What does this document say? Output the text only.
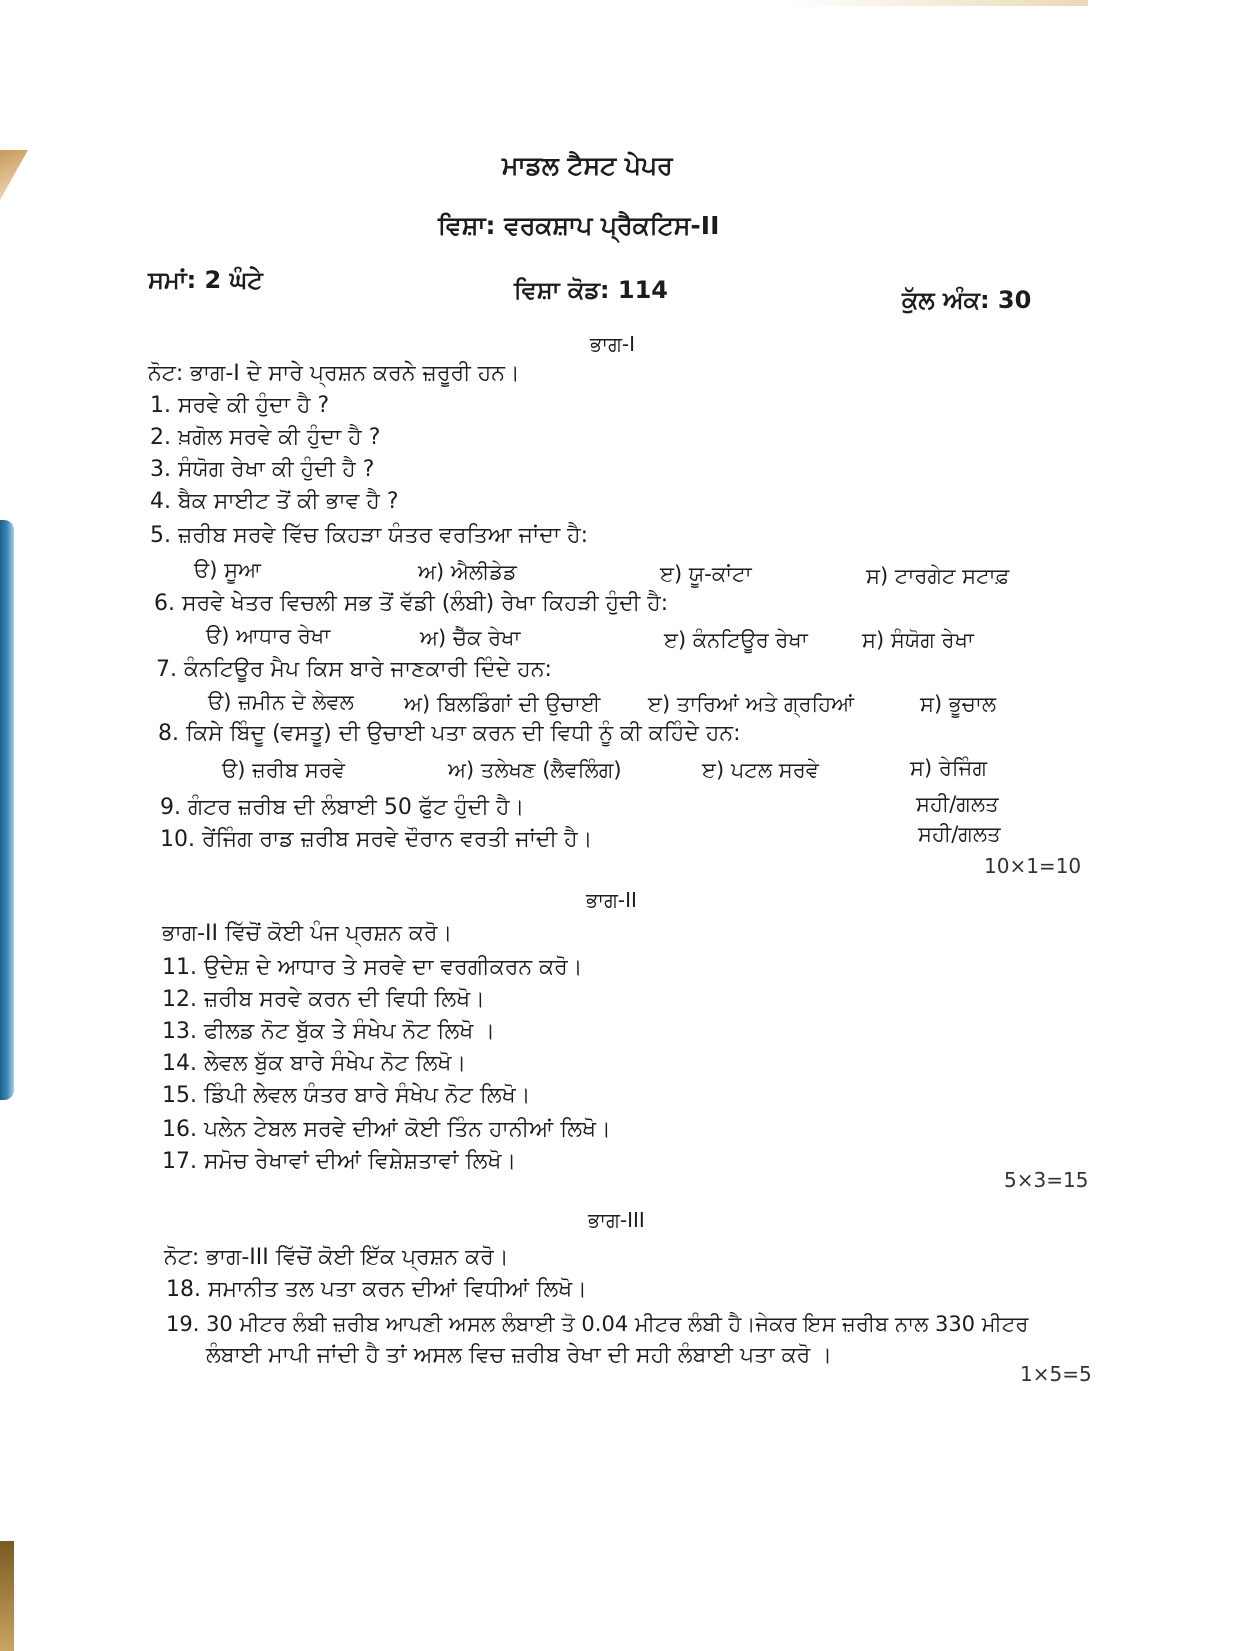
ਮਾਡਲ ਟੈਸਟ ਪੇਪਰ
ਵਿਸ਼ਾ: ਵਰਕਸ਼ਾਪ ਪ੍ਰੈਕਟਿਸ-II
ਸਮਾਂ: 2 ਘੰਟੇ	ਵਿਸ਼ਾ ਕੋਡ: 114	ਕੁੱਲ ਅੰਕ: 30
ਭਾਗ-I
ਨੋਟ: ਭਾਗ-I ਦੇ ਸਾਰੇ ਪ੍ਰਸ਼ਨ ਕਰਨੇ ਜ਼ਰੂਰੀ ਹਨ।
1. ਸਰਵੇ ਕੀ ਹੁੰਦਾ ਹੈ ?
2. ਖ਼ਗੋਲ ਸਰਵੇ ਕੀ ਹੁੰਦਾ ਹੈ ?
3. ਸੰਯੋਗ ਰੇਖਾ ਕੀ ਹੁੰਦੀ ਹੈ ?
4. ਬੈਕ ਸਾਈਟ ਤੋਂ ਕੀ ਭਾਵ ਹੈ ?
5. ਜ਼ਰੀਬ ਸਰਵੇ ਵਿੱਚ ਕਿਹੜਾ ਯੰਤਰ ਵਰਤਿਆ ਜਾਂਦਾ ਹੈ:
ੳ) ਸੂਆ	ਅ) ਐਲੀਡੇਡ	ੲ) ਯੂ-ਕਾਂਟਾ	ਸ) ਟਾਰਗੇਟ ਸਟਾਫ਼
6. ਸਰਵੇ ਖੇਤਰ ਵਿਚਲੀ ਸਭ ਤੋਂ ਵੱਡੀ (ਲੰਬੀ) ਰੇਖਾ ਕਿਹੜੀ ਹੁੰਦੀ ਹੈ:
ੳ) ਆਧਾਰ ਰੇਖਾ	ਅ) ਚੈੱਕ ਰੇਖਾ	ੲ) ਕੰਨਟਿਊਰ ਰੇਖਾ	ਸ) ਸੰਯੋਗ ਰੇਖਾ
7. ਕੰਨਟਿਊਰ ਮੈਪ ਕਿਸ ਬਾਰੇ ਜਾਣਕਾਰੀ ਦਿੰਦੇ ਹਨ:
ੳ) ਜ਼ਮੀਨ ਦੇ ਲੇਵਲ ਅ) ਬਿਲਡਿੰਗਾਂ ਦੀ ਉਚਾਈ ੲ) ਤਾਰਿਆਂ ਅਤੇ ਗ੍ਰਹਿਆਂ	ਸ) ਭੂਚਾਲ
8. ਕਿਸੇ ਬਿੰਦੂ (ਵਸਤੂ) ਦੀ ਉਚਾਈ ਪਤਾ ਕਰਨ ਦੀ ਵਿਧੀ ਨੂੰ ਕੀ ਕਹਿੰਦੇ ਹਨ:
ੳ) ਜ਼ਰੀਬ ਸਰਵੇ	ਅ) ਤਲੇਖਣ (ਲੈਵਲਿੰਗ)	ੲ) ਪਟਲ ਸਰਵੇ	ਸ) ਰੇਜਿੰਗ
9. ਗੰਟਰ ਜ਼ਰੀਬ ਦੀ ਲੰਬਾਈ 50 ਫੁੱਟ ਹੁੰਦੀ ਹੈ।	ਸਹੀ/ਗਲਤ
10. ਰੇਂਜਿੰਗ ਰਾਡ ਜ਼ਰੀਬ ਸਰਵੇ ਦੌਰਾਨ ਵਰਤੀ ਜਾਂਦੀ ਹੈ।	ਸਹੀ/ਗਲਤ
10×1=10
ਭਾਗ-II
ਭਾਗ-II ਵਿੱਚੋਂ ਕੋਈ ਪੰਜ ਪ੍ਰਸ਼ਨ ਕਰੋ।
11. ਉਦੇਸ਼ ਦੇ ਆਧਾਰ ਤੇ ਸਰਵੇ ਦਾ ਵਰਗੀਕਰਨ ਕਰੋ।
12. ਜ਼ਰੀਬ ਸਰਵੇ ਕਰਨ ਦੀ ਵਿਧੀ ਲਿਖੋ।
13. ਫੀਲਡ ਨੋਟ ਬੁੱਕ ਤੇ ਸੰਖੇਪ ਨੋਟ ਲਿਖੋ ।
14. ਲੇਵਲ ਬੁੱਕ ਬਾਰੇ ਸੰਖੇਪ ਨੋਟ ਲਿਖੋ।
15. ਡਿੰਪੀ ਲੇਵਲ ਯੰਤਰ ਬਾਰੇ ਸੰਖੇਪ ਨੋਟ ਲਿਖੋ।
16. ਪਲੇਨ ਟੇਬਲ ਸਰਵੇ ਦੀਆਂ ਕੋਈ ਤਿੰਨ ਹਾਨੀਆਂ ਲਿਖੋ।
17. ਸਮੋਚ ਰੇਖਾਵਾਂ ਦੀਆਂ ਵਿਸ਼ੇਸ਼ਤਾਵਾਂ ਲਿਖੋ।
5×3=15
ਭਾਗ-III
ਨੋਟ: ਭਾਗ-III ਵਿੱਚੋਂ ਕੋਈ ਇੱਕ ਪ੍ਰਸ਼ਨ ਕਰੋ।
18. ਸਮਾਨੀਤ ਤਲ ਪਤਾ ਕਰਨ ਦੀਆਂ ਵਿਧੀਆਂ ਲਿਖੋ।
19. 30 ਮੀਟਰ ਲੰਬੀ ਜ਼ਰੀਬ ਆਪਣੀ ਅਸਲ ਲੰਬਾਈ ਤੋ 0.04 ਮੀਟਰ ਲੰਬੀ ਹੈ।ਜੇਕਰ ਇਸ ਜ਼ਰੀਬ ਨਾਲ 330 ਮੀਟਰ
ਲੰਬਾਈ ਮਾਪੀ ਜਾਂਦੀ ਹੈ ਤਾਂ ਅਸਲ ਵਿਚ ਜ਼ਰੀਬ ਰੇਖਾ ਦੀ ਸਹੀ ਲੰਬਾਈ ਪਤਾ ਕਰੋ ।
1×5=5
